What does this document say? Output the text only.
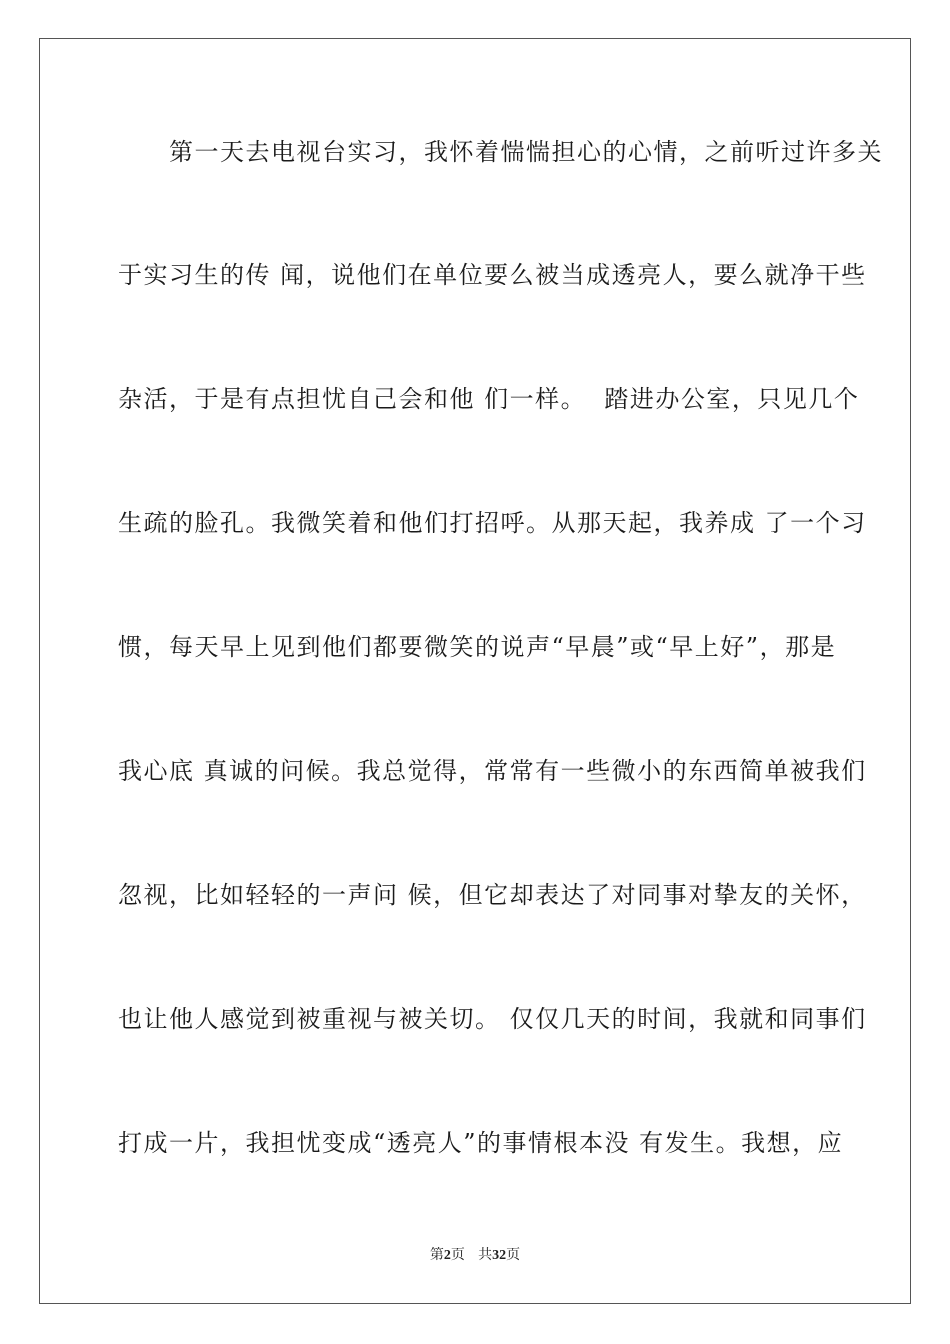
　　第一天去电视台实习，我怀着惴惴担心的心情，之前听过许多关
于实习生的传 闻，说他们在单位要么被当成透亮人，要么就净干些
杂活，于是有点担忧自己会和他 们一样。  踏进办公室，只见几个
生疏的脸孔。我微笑着和他们打招呼。从那天起，我养成 了一个习
惯，每天早上见到他们都要微笑的说声“早晨”或“早上好”，那是
我心底 真诚的问候。我总觉得，常常有一些微小的东西简单被我们
忽视，比如轻轻的一声问 候，但它却表达了对同事对挚友的关怀，
也让他人感觉到被重视与被关切。 仅仅几天的时间，我就和同事们
打成一片，我担忧变成“透亮人”的事情根本没 有发生。我想，应
第2页 共32页
